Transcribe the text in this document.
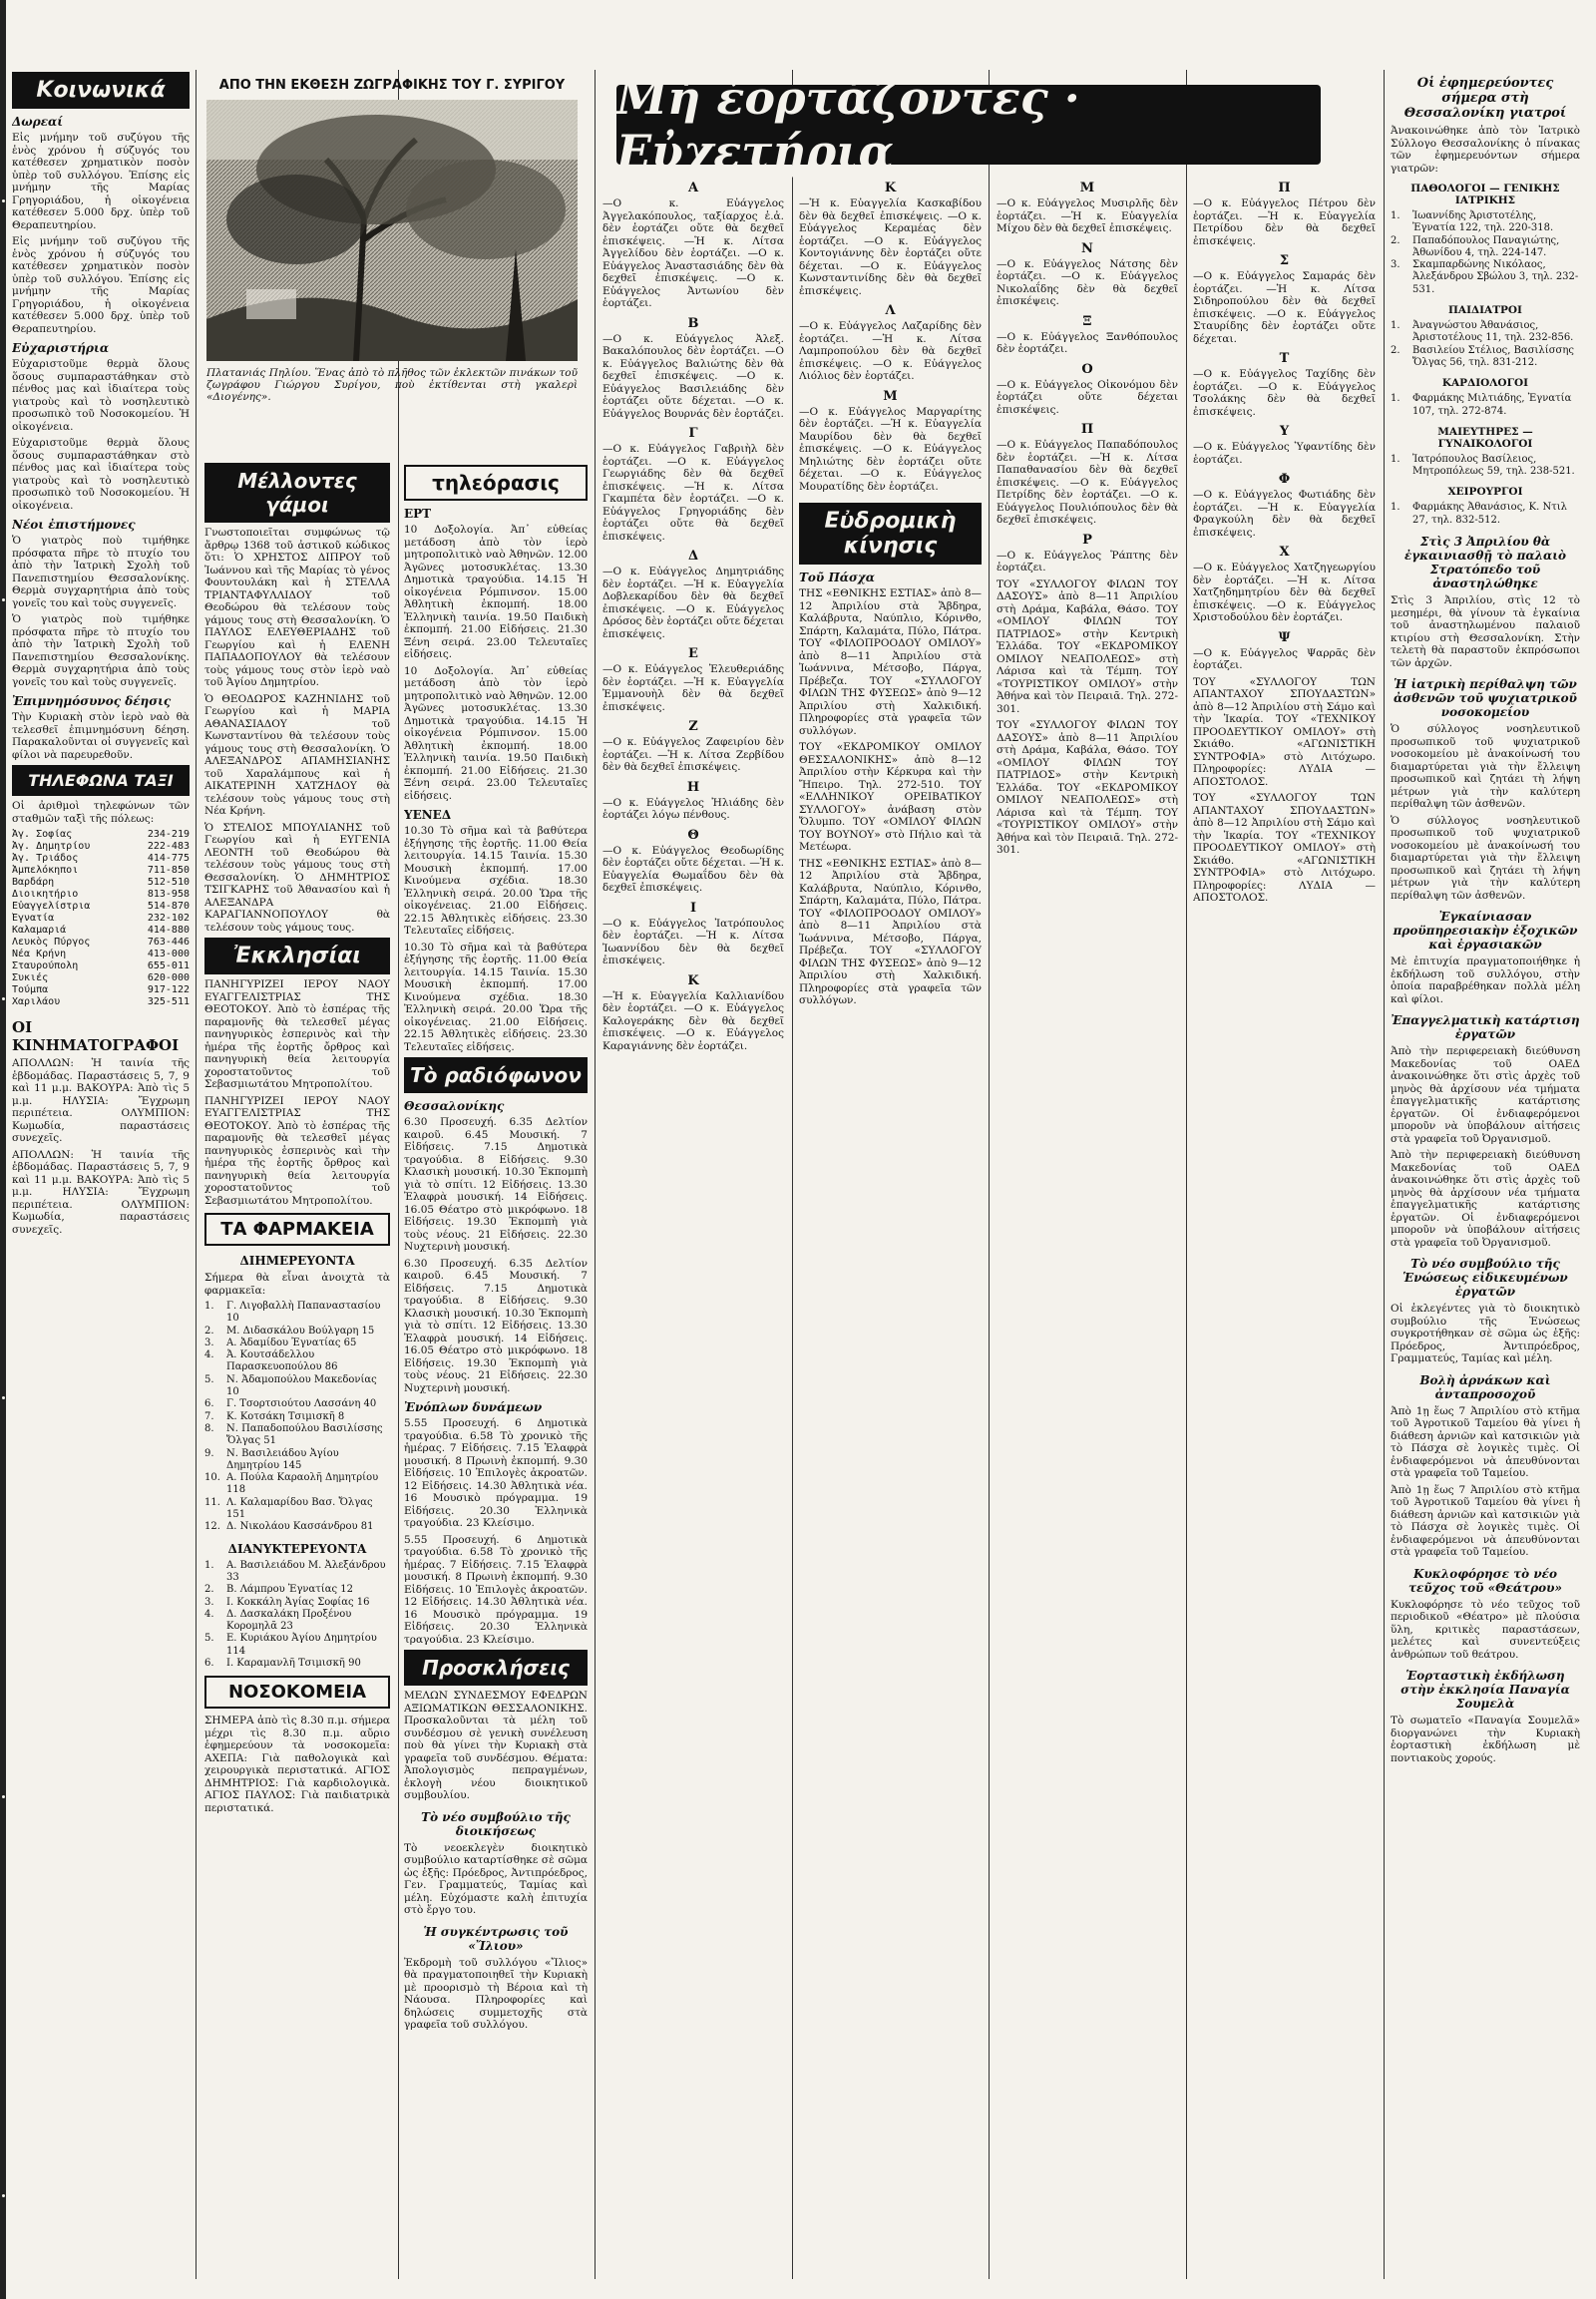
ΑΠΟ ΤΗΝ ΕΚΘΕΣΗ ΖΩΓΡΑΦΙΚΗΣ ΤΟΥ Γ. ΣΥΡΙΓΟΥ
Πλατανιάς Πηλίου. Ἕνας ἀπὸ τὸ πλῆθος τῶν ἐκλεκτῶν πινάκων τοῦ ζωγράφου Γιώργου Συρίγου, ποὺ ἐκτίθενται στὴ γκαλερὶ «Διογένης».
Μὴ ἑορτάζοντες · Εὐχετήρια
Κοινωνικά
Δωρεαί

Εἰς μνήμην τοῦ συζύγου τῆς ἑνὸς χρόνου ἡ σύζυγός του κατέθεσεν χρηματικὸν ποσὸν ὑπὲρ τοῦ συλλόγου. Ἐπίσης εἰς μνήμην τῆς Μαρίας Γρηγοριάδου, ἡ οἰκογένεια κατέθεσεν 5.000 δρχ. ὑπὲρ τοῦ Θεραπευτηρίου.

Εἰς μνήμην τοῦ συζύγου τῆς ἑνὸς χρόνου ἡ σύζυγός του κατέθεσεν χρηματικὸν ποσὸν ὑπὲρ τοῦ συλλόγου. Ἐπίσης εἰς μνήμην τῆς Μαρίας Γρηγοριάδου, ἡ οἰκογένεια κατέθεσεν 5.000 δρχ. ὑπὲρ τοῦ Θεραπευτηρίου.

Εὐχαριστήρια

Εὐχαριστοῦμε θερμὰ ὅλους ὅσους συμπαραστάθηκαν στὸ πένθος μας καὶ ἰδιαίτερα τοὺς γιατροὺς καὶ τὸ νοσηλευτικὸ προσωπικὸ τοῦ Νοσοκομείου. Ἡ οἰκογένεια.

Εὐχαριστοῦμε θερμὰ ὅλους ὅσους συμπαραστάθηκαν στὸ πένθος μας καὶ ἰδιαίτερα τοὺς γιατροὺς καὶ τὸ νοσηλευτικὸ προσωπικὸ τοῦ Νοσοκομείου. Ἡ οἰκογένεια.

Νέοι ἐπιστήμονες

Ὁ γιατρὸς ποὺ τιμήθηκε πρόσφατα πῆρε τὸ πτυχίο του ἀπὸ τὴν Ἰατρικὴ Σχολὴ τοῦ Πανεπιστημίου Θεσσαλονίκης. Θερμὰ συγχαρητήρια ἀπὸ τοὺς γονεῖς του καὶ τοὺς συγγενεῖς.

Ὁ γιατρὸς ποὺ τιμήθηκε πρόσφατα πῆρε τὸ πτυχίο του ἀπὸ τὴν Ἰατρικὴ Σχολὴ τοῦ Πανεπιστημίου Θεσσαλονίκης. Θερμὰ συγχαρητήρια ἀπὸ τοὺς γονεῖς του καὶ τοὺς συγγενεῖς.

Ἐπιμνημόσυνος δέησις

Τὴν Κυριακὴ στὸν ἱερὸ ναὸ θὰ τελεσθεῖ ἐπιμνημόσυνη δέηση. Παρακαλοῦνται οἱ συγγενεῖς καὶ φίλοι νὰ παρευρεθοῦν.

ΤΗΛΕΦΩΝΑ ΤΑΞΙ

Οἱ ἀριθμοὶ τηλεφώνων τῶν σταθμῶν ταξὶ τῆς πόλεως:

Ἀγ. Σοφίας	234-219
Ἀγ. Δημητρίου	222-483
Ἀγ. Τριάδος	414-775
Ἀμπελόκηποι	711-850
Βαρδάρη	512-510
Διοικητήριο	813-958
Εὐαγγελίστρια	514-870
Ἐγνατία	232-102
Καλαμαριά	414-880
Λευκὸς Πύργος	763-446
Νέα Κρήνη	413-000
Σταυρούπολη	655-011
Συκιές	620-000
Τούμπα	917-122
Χαριλάου	325-511
ΟΙ ΚΙΝΗΜΑΤΟΓΡΑΦΟΙ

ΑΠΟΛΛΩΝ: Ἡ ταινία τῆς ἑβδομάδας. Παραστάσεις 5, 7, 9 καὶ 11 μ.μ. ΒΑΚΟΥΡΑ: Ἀπὸ τὶς 5 μ.μ. ΗΛΥΣΙΑ: Ἔγχρωμη περιπέτεια. ΟΛΥΜΠΙΟΝ: Κωμωδία, παραστάσεις συνεχεῖς.

ΑΠΟΛΛΩΝ: Ἡ ταινία τῆς ἑβδομάδας. Παραστάσεις 5, 7, 9 καὶ 11 μ.μ. ΒΑΚΟΥΡΑ: Ἀπὸ τὶς 5 μ.μ. ΗΛΥΣΙΑ: Ἔγχρωμη περιπέτεια. ΟΛΥΜΠΙΟΝ: Κωμωδία, παραστάσεις συνεχεῖς.

Μέλλοντες γάμοι

Γνωστοποιεῖται συμφώνως τῷ ἄρθρῳ 1368 τοῦ ἀστικοῦ κώδικος ὅτι: Ὁ ΧΡΗΣΤΟΣ ΔΙΠΡΟΥ τοῦ Ἰωάννου καὶ τῆς Μαρίας τὸ γένος Φουντουλάκη καὶ ἡ ΣΤΕΛΛΑ ΤΡΙΑΝΤΑΦΥΛΛΙΔΟΥ τοῦ Θεοδώρου θὰ τελέσουν τοὺς γάμους τους στὴ Θεσσαλονίκη. Ὁ ΠΑΥΛΟΣ ΕΛΕΥΘΕΡΙΑΔΗΣ τοῦ Γεωργίου καὶ ἡ ΕΛΕΝΗ ΠΑΠΑΔΟΠΟΥΛΟΥ θὰ τελέσουν τοὺς γάμους τους στὸν ἱερὸ ναὸ τοῦ Ἁγίου Δημητρίου.

Ὁ ΘΕΟΔΩΡΟΣ ΚΑΖΗΝΙΔΗΣ τοῦ Γεωργίου καὶ ἡ ΜΑΡΙΑ ΑΘΑΝΑΣΙΑΔΟΥ τοῦ Κωνσταντίνου θὰ τελέσουν τοὺς γάμους τους στὴ Θεσσαλονίκη. Ὁ ΑΛΕΞΑΝΔΡΟΣ ΑΠΑΜΗΣΙΑΝΗΣ τοῦ Χαραλάμπους καὶ ἡ ΑΙΚΑΤΕΡΙΝΗ ΧΑΤΖΗΔΟΥ θὰ τελέσουν τοὺς γάμους τους στὴ Νέα Κρήνη.

Ὁ ΣΤΕΛΙΟΣ ΜΠΟΥΛΙΑΝΗΣ τοῦ Γεωργίου καὶ ἡ ΕΥΓΕΝΙΑ ΛΕΟΝΤΗ τοῦ Θεοδώρου θὰ τελέσουν τοὺς γάμους τους στὴ Θεσσαλονίκη. Ὁ ΔΗΜΗΤΡΙΟΣ ΤΣΙΓΚΑΡΗΣ τοῦ Ἀθανασίου καὶ ἡ ΑΛΕΞΑΝΔΡΑ ΚΑΡΑΓΙΑΝΝΟΠΟΥΛΟΥ θὰ τελέσουν τοὺς γάμους τους.

Ἐκκλησίαι

ΠΑΝΗΓΥΡΙΖΕΙ ΙΕΡΟΥ ΝΑΟΥ ΕΥΑΓΓΕΛΙΣΤΡΙΑΣ ΤΗΣ ΘΕΟΤΟΚΟΥ. Ἀπὸ τὸ ἑσπέρας τῆς παραμονῆς θὰ τελεσθεῖ μέγας πανηγυρικὸς ἑσπερινὸς καὶ τὴν ἡμέρα τῆς ἑορτῆς ὄρθρος καὶ πανηγυρικὴ θεία λειτουργία χοροστατοῦντος τοῦ Σεβασμιωτάτου Μητροπολίτου.

ΠΑΝΗΓΥΡΙΖΕΙ ΙΕΡΟΥ ΝΑΟΥ ΕΥΑΓΓΕΛΙΣΤΡΙΑΣ ΤΗΣ ΘΕΟΤΟΚΟΥ. Ἀπὸ τὸ ἑσπέρας τῆς παραμονῆς θὰ τελεσθεῖ μέγας πανηγυρικὸς ἑσπερινὸς καὶ τὴν ἡμέρα τῆς ἑορτῆς ὄρθρος καὶ πανηγυρικὴ θεία λειτουργία χοροστατοῦντος τοῦ Σεβασμιωτάτου Μητροπολίτου.

ΤΑ ΦΑΡΜΑΚΕΙΑ
ΔΙΗΜΕΡΕΥΟΝΤΑ

Σήμερα θὰ εἶναι ἀνοιχτὰ τὰ φαρμακεῖα:

1.	Γ. Λιγοβαλλὴ Παπαναστασίου 10
2.	Μ. Διδασκάλου Βούλγαρη 15
3.	Α. Ἀδαμίδου Ἐγνατίας 65
4.	Ἀ. Κουτσάδελλου Παρασκευοπούλου 86
5.	Ν. Ἀδαμοπούλου Μακεδονίας 10
6.	Γ. Τσορτσιούτου Λασσάνη 40
7.	Κ. Κοτσάκη Τσιμισκῆ 8
8.	Ν. Παπαδοπούλου Βασιλίσσης Ὄλγας 51
9.	Ν. Βασιλειάδου Ἀγίου Δημητρίου 145
10. Α. Πούλα Καραολῆ Δημητρίου 118
11. Λ. Καλαμαρίδου Βασ. Ὄλγας 151
12. Δ. Νικολάου Κασσάνδρου 81
ΔΙΑΝΥΚΤΕΡΕΥΟΝΤΑ
1.	Α. Βασιλειάδου Μ. Ἀλεξάνδρου 33
2.	Β. Λάμπρου Ἐγνατίας 12
3.	Ι. Κοκκάλη Ἀγίας Σοφίας 16
4.	Δ. Δασκαλάκη Προξένου Κορομηλᾶ 23
5.	Ε. Κυριάκου Ἀγίου Δημητρίου 114
6.	Ι. Καραμανλῆ Τσιμισκῆ 90
ΝΟΣΟΚΟΜΕΙΑ

ΣΗΜΕΡΑ ἀπὸ τὶς 8.30 π.μ. σήμερα μέχρι τὶς 8.30 π.μ. αὔριο ἐφημερεύουν τὰ νοσοκομεῖα: ΑΧΕΠΑ: Γιὰ παθολογικὰ καὶ χειρουργικὰ περιστατικά. ΑΓΙΟΣ ΔΗΜΗΤΡΙΟΣ: Γιὰ καρδιολογικὰ. ΑΓΙΟΣ ΠΑΥΛΟΣ: Γιὰ παιδιατρικὰ περιστατικά.

τηλεόρασις
ΕΡΤ

10 Δοξολογία. Ἀπ᾽ εὐθείας μετάδοση ἀπὸ τὸν ἱερὸ μητροπολιτικὸ ναὸ Ἀθηνῶν. 12.00 Ἀγῶνες μοτοσυκλέτας. 13.30 Δημοτικὰ τραγούδια. 14.15 Ἡ οἰκογένεια Ρόμπινσον. 15.00 Ἀθλητικὴ ἐκπομπή. 18.00 Ἐλληνικὴ ταινία. 19.50 Παιδικὴ ἐκπομπή. 21.00 Εἰδήσεις. 21.30 Ξένη σειρά. 23.00 Τελευταῖες εἰδήσεις.

10 Δοξολογία. Ἀπ᾽ εὐθείας μετάδοση ἀπὸ τὸν ἱερὸ μητροπολιτικὸ ναὸ Ἀθηνῶν. 12.00 Ἀγῶνες μοτοσυκλέτας. 13.30 Δημοτικὰ τραγούδια. 14.15 Ἡ οἰκογένεια Ρόμπινσον. 15.00 Ἀθλητικὴ ἐκπομπή. 18.00 Ἐλληνικὴ ταινία. 19.50 Παιδικὴ ἐκπομπή. 21.00 Εἰδήσεις. 21.30 Ξένη σειρά. 23.00 Τελευταῖες εἰδήσεις.

ΥΕΝΕΔ

10.30 Τὸ σῆμα καὶ τὰ βαθύτερα ἐξήγησης τῆς ἑορτῆς. 11.00 Θεία λειτουργία. 14.15 Ταινία. 15.30 Μουσικὴ ἐκπομπή. 17.00 Κινούμενα σχέδια. 18.30 Ἐλληνικὴ σειρά. 20.00 Ὥρα τῆς οἰκογένειας. 21.00 Εἰδήσεις. 22.15 Ἀθλητικὲς εἰδήσεις. 23.30 Τελευταῖες εἰδήσεις.

10.30 Τὸ σῆμα καὶ τὰ βαθύτερα ἐξήγησης τῆς ἑορτῆς. 11.00 Θεία λειτουργία. 14.15 Ταινία. 15.30 Μουσικὴ ἐκπομπή. 17.00 Κινούμενα σχέδια. 18.30 Ἐλληνικὴ σειρά. 20.00 Ὥρα τῆς οἰκογένειας. 21.00 Εἰδήσεις. 22.15 Ἀθλητικὲς εἰδήσεις. 23.30 Τελευταῖες εἰδήσεις.

Τὸ ραδιόφωνον
Θεσσαλονίκης

6.30 Προσευχή. 6.35 Δελτίον καιροῦ. 6.45 Μουσική. 7 Εἰδήσεις. 7.15 Δημοτικὰ τραγούδια. 8 Εἰδήσεις. 9.30 Κλασικὴ μουσική. 10.30 Ἐκπομπὴ γιὰ τὸ σπίτι. 12 Εἰδήσεις. 13.30 Ἐλαφρὰ μουσική. 14 Εἰδήσεις. 16.05 Θέατρο στὸ μικρόφωνο. 18 Εἰδήσεις. 19.30 Ἐκπομπὴ γιὰ τοὺς νέους. 21 Εἰδήσεις. 22.30 Νυχτερινὴ μουσική.

6.30 Προσευχή. 6.35 Δελτίον καιροῦ. 6.45 Μουσική. 7 Εἰδήσεις. 7.15 Δημοτικὰ τραγούδια. 8 Εἰδήσεις. 9.30 Κλασικὴ μουσική. 10.30 Ἐκπομπὴ γιὰ τὸ σπίτι. 12 Εἰδήσεις. 13.30 Ἐλαφρὰ μουσική. 14 Εἰδήσεις. 16.05 Θέατρο στὸ μικρόφωνο. 18 Εἰδήσεις. 19.30 Ἐκπομπὴ γιὰ τοὺς νέους. 21 Εἰδήσεις. 22.30 Νυχτερινὴ μουσική.

Ἐνόπλων δυνάμεων

5.55 Προσευχή. 6 Δημοτικὰ τραγούδια. 6.58 Τὸ χρονικὸ τῆς ἡμέρας. 7 Εἰδήσεις. 7.15 Ἐλαφρὰ μουσική. 8 Πρωινὴ ἐκπομπή. 9.30 Εἰδήσεις. 10 Ἐπιλογὲς ἀκροατῶν. 12 Εἰδήσεις. 14.30 Ἀθλητικὰ νέα. 16 Μουσικὸ πρόγραμμα. 19 Εἰδήσεις. 20.30 Ἑλληνικὰ τραγούδια. 23 Κλείσιμο.

5.55 Προσευχή. 6 Δημοτικὰ τραγούδια. 6.58 Τὸ χρονικὸ τῆς ἡμέρας. 7 Εἰδήσεις. 7.15 Ἐλαφρὰ μουσική. 8 Πρωινὴ ἐκπομπή. 9.30 Εἰδήσεις. 10 Ἐπιλογὲς ἀκροατῶν. 12 Εἰδήσεις. 14.30 Ἀθλητικὰ νέα. 16 Μουσικὸ πρόγραμμα. 19 Εἰδήσεις. 20.30 Ἑλληνικὰ τραγούδια. 23 Κλείσιμο.

Προσκλήσεις

ΜΕΛΩΝ ΣΥΝΔΕΣΜΟΥ ΕΦΕΔΡΩΝ ΑΞΙΩΜΑΤΙΚΩΝ ΘΕΣΣΑΛΟΝΙΚΗΣ. Προσκαλοῦνται τὰ μέλη τοῦ συνδέσμου σὲ γενικὴ συνέλευση ποὺ θὰ γίνει τὴν Κυριακὴ στὰ γραφεῖα τοῦ συνδέσμου. Θέματα: Ἀπολογισμὸς πεπραγμένων, ἐκλογὴ νέου διοικητικοῦ συμβουλίου.

Τὸ νέο συμβούλιο τῆς διοικήσεως

Τὸ νεοεκλεγὲν διοικητικὸ συμβούλιο καταρτίσθηκε σὲ σῶμα ὡς ἑξῆς: Πρόεδρος, Ἀντιπρόεδρος, Γεν. Γραμματεύς, Ταμίας καὶ μέλη. Εὐχόμαστε καλὴ ἐπιτυχία στὸ ἔργο του.

Ἡ συγκέντρωσις τοῦ «Ἴλιου»

Ἐκδρομὴ τοῦ συλλόγου «Ἴλιος» θὰ πραγματοποιηθεῖ τὴν Κυριακὴ μὲ προορισμὸ τὴ Βέροια καὶ τὴ Νάουσα. Πληροφορίες καὶ δηλώσεις συμμετοχῆς στὰ γραφεῖα τοῦ συλλόγου.

Α

—Ο κ. Εὐάγγελος Ἀγγελακόπουλος, ταξίαρχος ἐ.ἀ. δὲν ἑορτάζει οὔτε θὰ δεχθεῖ ἐπισκέψεις. —Ἡ κ. Λίτσα Ἀγγελίδου δὲν ἑορτάζει. —Ο κ. Εὐάγγελος Ἀναστασιάδης δὲν θὰ δεχθεῖ ἐπισκέψεις. —Ο κ. Εὐάγγελος Ἀντωνίου δὲν ἑορτάζει.

Β

—Ο κ. Εὐάγγελος Ἀλεξ. Βακαλόπουλος δὲν ἑορτάζει. —Ο κ. Εὐάγγελος Βαλιώτης δὲν θὰ δεχθεῖ ἐπισκέψεις. —Ο κ. Εὐάγγελος Βασιλειάδης δὲν ἑορτάζει οὔτε δέχεται. —Ο κ. Εὐάγγελος Βουρνάς δὲν ἑορτάζει.

Γ

—Ο κ. Εὐάγγελος Γαβριὴλ δὲν ἑορτάζει. —Ο κ. Εὐάγγελος Γεωργιάδης δὲν θὰ δεχθεῖ ἐπισκέψεις. —Ἡ κ. Λίτσα Γκαμπέτα δὲν ἑορτάζει. —Ο κ. Εὐάγγελος Γρηγοριάδης δὲν ἑορτάζει οὔτε θὰ δεχθεῖ ἐπισκέψεις.

Δ

—Ο κ. Εὐάγγελος Δημητριάδης δὲν ἑορτάζει. —Ἡ κ. Εὐαγγελία Δοβλεκαρίδου δὲν θὰ δεχθεῖ ἐπισκέψεις. —Ο κ. Εὐάγγελος Δρόσος δὲν ἑορτάζει οὔτε δέχεται ἐπισκέψεις.

Ε

—Ο κ. Εὐάγγελος Ἐλευθεριάδης δὲν ἑορτάζει. —Ἡ κ. Εὐαγγελία Ἐμμανουὴλ δὲν θὰ δεχθεῖ ἐπισκέψεις.

Ζ

—Ο κ. Εὐάγγελος Ζαφειρίου δὲν ἑορτάζει. —Ἡ κ. Λίτσα Ζερβίδου δὲν θὰ δεχθεῖ ἐπισκέψεις.

Η

—Ο κ. Εὐάγγελος Ἠλιάδης δὲν ἑορτάζει λόγω πένθους.

Θ

—Ο κ. Εὐάγγελος Θεοδωρίδης δὲν ἑορτάζει οὔτε δέχεται. —Ἡ κ. Εὐαγγελία Θωμαΐδου δὲν θὰ δεχθεῖ ἐπισκέψεις.

Ι

—Ο κ. Εὐάγγελος Ἰατρόπουλος δὲν ἑορτάζει. —Ἡ κ. Λίτσα Ἰωαννίδου δὲν θὰ δεχθεῖ ἐπισκέψεις.

Κ

—Ἡ κ. Εὐαγγελία Καλλιανίδου δὲν ἑορτάζει. —Ο κ. Εὐάγγελος Καλογεράκης δὲν θὰ δεχθεῖ ἐπισκέψεις. —Ο κ. Εὐάγγελος Καραγιάννης δὲν ἑορτάζει.

Κ

—Ἡ κ. Εὐαγγελία Κασκαβίδου δὲν θὰ δεχθεῖ ἐπισκέψεις. —Ο κ. Εὐάγγελος Κεραμέας δὲν ἑορτάζει. —Ο κ. Εὐάγγελος Κοντογιάννης δὲν ἑορτάζει οὔτε δέχεται. —Ο κ. Εὐάγγελος Κωνσταντινίδης δὲν θὰ δεχθεῖ ἐπισκέψεις.

Λ

—Ο κ. Εὐάγγελος Λαζαρίδης δὲν ἑορτάζει. —Ἡ κ. Λίτσα Λαμπροπούλου δὲν θὰ δεχθεῖ ἐπισκέψεις. —Ο κ. Εὐάγγελος Λιόλιος δὲν ἑορτάζει.

Μ

—Ο κ. Εὐάγγελος Μαργαρίτης δὲν ἑορτάζει. —Ἡ κ. Εὐαγγελία Μαυρίδου δὲν θὰ δεχθεῖ ἐπισκέψεις. —Ο κ. Εὐάγγελος Μηλιώτης δὲν ἑορτάζει οὔτε δέχεται. —Ο κ. Εὐάγγελος Μουρατίδης δὲν ἑορτάζει.

Εὐδρομικὴ κίνησις
Τοῦ Πάσχα

ΤΗΣ «ΕΘΝΙΚΗΣ ΕΣΤΙΑΣ» ἀπὸ 8—12 Ἀπριλίου στὰ Ἄβδηρα, Καλάβρυτα, Ναύπλιο, Κόρινθο, Σπάρτη, Καλαμάτα, Πύλο, Πάτρα. ΤΟΥ «ΦΙΛΟΠΡΟΟΔΟΥ ΟΜΙΛΟΥ» ἀπὸ 8—11 Ἀπριλίου στὰ Ἰωάννινα, Μέτσοβο, Πάργα, Πρέβεζα. ΤΟΥ «ΣΥΛΛΟΓΟΥ ΦΙΛΩΝ ΤΗΣ ΦΥΣΕΩΣ» ἀπὸ 9—12 Ἀπριλίου στὴ Χαλκιδική. Πληροφορίες στὰ γραφεῖα τῶν συλλόγων.

ΤΟΥ «ΕΚΔΡΟΜΙΚΟΥ ΟΜΙΛΟΥ ΘΕΣΣΑΛΟΝΙΚΗΣ» ἀπὸ 8—12 Ἀπριλίου στὴν Κέρκυρα καὶ τὴν Ἤπειρο. Τηλ. 272-510. ΤΟΥ «ΕΛΛΗΝΙΚΟΥ ΟΡΕΙΒΑΤΙΚΟΥ ΣΥΛΛΟΓΟΥ» ἀνάβαση στὸν Ὄλυμπο. ΤΟΥ «ΟΜΙΛΟΥ ΦΙΛΩΝ ΤΟΥ ΒΟΥΝΟΥ» στὸ Πήλιο καὶ τὰ Μετέωρα.

ΤΗΣ «ΕΘΝΙΚΗΣ ΕΣΤΙΑΣ» ἀπὸ 8—12 Ἀπριλίου στὰ Ἄβδηρα, Καλάβρυτα, Ναύπλιο, Κόρινθο, Σπάρτη, Καλαμάτα, Πύλο, Πάτρα. ΤΟΥ «ΦΙΛΟΠΡΟΟΔΟΥ ΟΜΙΛΟΥ» ἀπὸ 8—11 Ἀπριλίου στὰ Ἰωάννινα, Μέτσοβο, Πάργα, Πρέβεζα. ΤΟΥ «ΣΥΛΛΟΓΟΥ ΦΙΛΩΝ ΤΗΣ ΦΥΣΕΩΣ» ἀπὸ 9—12 Ἀπριλίου στὴ Χαλκιδική. Πληροφορίες στὰ γραφεῖα τῶν συλλόγων.

Μ

—Ο κ. Εὐάγγελος Μυσιρλῆς δὲν ἑορτάζει. —Ἡ κ. Εὐαγγελία Μίχου δὲν θὰ δεχθεῖ ἐπισκέψεις.

Ν

—Ο κ. Εὐάγγελος Νάτσης δὲν ἑορτάζει. —Ο κ. Εὐάγγελος Νικολαΐδης δὲν θὰ δεχθεῖ ἐπισκέψεις.

Ξ

—Ο κ. Εὐάγγελος Ξανθόπουλος δὲν ἑορτάζει.

Ο

—Ο κ. Εὐάγγελος Οἰκονόμου δὲν ἑορτάζει οὔτε δέχεται ἐπισκέψεις.

Π

—Ο κ. Εὐάγγελος Παπαδόπουλος δὲν ἑορτάζει. —Ἡ κ. Λίτσα Παπαθανασίου δὲν θὰ δεχθεῖ ἐπισκέψεις. —Ο κ. Εὐάγγελος Πετρίδης δὲν ἑορτάζει. —Ο κ. Εὐάγγελος Πουλιόπουλος δὲν θὰ δεχθεῖ ἐπισκέψεις.

Ρ

—Ο κ. Εὐάγγελος Ῥάπτης δὲν ἑορτάζει.

ΤΟΥ «ΣΥΛΛΟΓΟΥ ΦΙΛΩΝ ΤΟΥ ΔΑΣΟΥΣ» ἀπὸ 8—11 Ἀπριλίου στὴ Δράμα, Καβάλα, Θάσο. ΤΟΥ «ΟΜΙΛΟΥ ΦΙΛΩΝ ΤΟΥ ΠΑΤΡΙΔΟΣ» στὴν Κεντρικὴ Ἑλλάδα. ΤΟΥ «ΕΚΔΡΟΜΙΚΟΥ ΟΜΙΛΟΥ ΝΕΑΠΟΛΕΩΣ» στὴ Λάρισα καὶ τὰ Τέμπη. ΤΟΥ «ΤΟΥΡΙΣΤΙΚΟΥ ΟΜΙΛΟΥ» στὴν Ἀθήνα καὶ τὸν Πειραιᾶ. Τηλ. 272-301.

ΤΟΥ «ΣΥΛΛΟΓΟΥ ΦΙΛΩΝ ΤΟΥ ΔΑΣΟΥΣ» ἀπὸ 8—11 Ἀπριλίου στὴ Δράμα, Καβάλα, Θάσο. ΤΟΥ «ΟΜΙΛΟΥ ΦΙΛΩΝ ΤΟΥ ΠΑΤΡΙΔΟΣ» στὴν Κεντρικὴ Ἑλλάδα. ΤΟΥ «ΕΚΔΡΟΜΙΚΟΥ ΟΜΙΛΟΥ ΝΕΑΠΟΛΕΩΣ» στὴ Λάρισα καὶ τὰ Τέμπη. ΤΟΥ «ΤΟΥΡΙΣΤΙΚΟΥ ΟΜΙΛΟΥ» στὴν Ἀθήνα καὶ τὸν Πειραιᾶ. Τηλ. 272-301.

Π

—Ο κ. Εὐάγγελος Πέτρου δὲν ἑορτάζει. —Ἡ κ. Εὐαγγελία Πετρίδου δὲν θὰ δεχθεῖ ἐπισκέψεις.

Σ

—Ο κ. Εὐάγγελος Σαμαράς δὲν ἑορτάζει. —Ἡ κ. Λίτσα Σιδηροπούλου δὲν θὰ δεχθεῖ ἐπισκέψεις. —Ο κ. Εὐάγγελος Σταυρίδης δὲν ἑορτάζει οὔτε δέχεται.

Τ

—Ο κ. Εὐάγγελος Ταχίδης δὲν ἑορτάζει. —Ο κ. Εὐάγγελος Τσολάκης δὲν θὰ δεχθεῖ ἐπισκέψεις.

Υ

—Ο κ. Εὐάγγελος Ὑφαντίδης δὲν ἑορτάζει.

Φ

—Ο κ. Εὐάγγελος Φωτιάδης δὲν ἑορτάζει. —Ἡ κ. Εὐαγγελία Φραγκούλη δὲν θὰ δεχθεῖ ἐπισκέψεις.

Χ

—Ο κ. Εὐάγγελος Χατζηγεωργίου δὲν ἑορτάζει. —Ἡ κ. Λίτσα Χατζηδημητρίου δὲν θὰ δεχθεῖ ἐπισκέψεις. —Ο κ. Εὐάγγελος Χριστοδούλου δὲν ἑορτάζει.

Ψ

—Ο κ. Εὐάγγελος Ψαρρᾶς δὲν ἑορτάζει.

ΤΟΥ «ΣΥΛΛΟΓΟΥ ΤΩΝ ΑΠΑΝΤΑΧΟΥ ΣΠΟΥΔΑΣΤΩΝ» ἀπὸ 8—12 Ἀπριλίου στὴ Σάμο καὶ τὴν Ἰκαρία. ΤΟΥ «ΤΕΧΝΙΚΟΥ ΠΡΟΟΔΕΥΤΙΚΟΥ ΟΜΙΛΟΥ» στὴ Σκιάθο. «ΑΓΩΝΙΣΤΙΚΗ ΣΥΝΤΡΟΦΙΑ» στὸ Λιτόχωρο. Πληροφορίες: ΛΥΔΙΑ — ΑΠΟΣΤΟΛΟΣ.

ΤΟΥ «ΣΥΛΛΟΓΟΥ ΤΩΝ ΑΠΑΝΤΑΧΟΥ ΣΠΟΥΔΑΣΤΩΝ» ἀπὸ 8—12 Ἀπριλίου στὴ Σάμο καὶ τὴν Ἰκαρία. ΤΟΥ «ΤΕΧΝΙΚΟΥ ΠΡΟΟΔΕΥΤΙΚΟΥ ΟΜΙΛΟΥ» στὴ Σκιάθο. «ΑΓΩΝΙΣΤΙΚΗ ΣΥΝΤΡΟΦΙΑ» στὸ Λιτόχωρο. Πληροφορίες: ΛΥΔΙΑ — ΑΠΟΣΤΟΛΟΣ.

Οἱ ἐφημερεύοντες σήμερα στὴ Θεσσαλονίκη γιατροί

Ἀνακοινώθηκε ἀπὸ τὸν Ἰατρικὸ Σύλλογο Θεσσαλονίκης ὁ πίνακας τῶν ἐφημερευόντων σήμερα γιατρῶν:

ΠΑΘΟΛΟΓΟΙ — ΓΕΝΙΚΗΣ ΙΑΤΡΙΚΗΣ
1.	Ἰωαννίδης Ἀριστοτέλης, Ἐγνατία 122, τηλ. 220-318.
2.	Παπαδόπουλος Παναγιώτης, Ἀθωνίδου 4, τηλ. 224-147.
3.	Σκαμπαρδώνης Νικόλαος, Ἀλεξάνδρου Σβώλου 3, τηλ. 232-531.
ΠΑΙΔΙΑΤΡΟΙ
1.	Ἀναγνώστου Ἀθανάσιος, Ἀριστοτέλους 11, τηλ. 232-856.
2.	Βασιλείου Στέλιος, Βασιλίσσης Ὄλγας 56, τηλ. 831-212.
ΚΑΡΔΙΟΛΟΓΟΙ
1.	Φαρμάκης Μιλτιάδης, Ἐγνατία 107, τηλ. 272-874.
ΜΑΙΕΥΤΗΡΕΣ — ΓΥΝΑΙΚΟΛΟΓΟΙ
1.	Ἰατρόπουλος Βασίλειος, Μητροπόλεως 59, τηλ. 238-521.
ΧΕΙΡΟΥΡΓΟΙ
1.	Φαρμάκης Ἀθανάσιος, Κ. Ντιλ 27, τηλ. 832-512.
Στὶς 3 Ἀπριλίου θὰ ἐγκαινιασθῇ τὸ παλαιὸ Στρατόπεδο τοῦ ἀναστηλώθηκε

Στὶς 3 Ἀπριλίου, στὶς 12 τὸ μεσημέρι, θὰ γίνουν τὰ ἐγκαίνια τοῦ ἀναστηλωμένου παλαιοῦ κτιρίου στὴ Θεσσαλονίκη. Στὴν τελετὴ θὰ παραστοῦν ἐκπρόσωποι τῶν ἀρχῶν.

Ἡ ἰατρικὴ περίθαλψη τῶν ἀσθενῶν τοῦ ψυχιατρικοῦ νοσοκομείου

Ὁ σύλλογος νοσηλευτικοῦ προσωπικοῦ τοῦ ψυχιατρικοῦ νοσοκομείου μὲ ἀνακοίνωσή του διαμαρτύρεται γιὰ τὴν ἔλλειψη προσωπικοῦ καὶ ζητάει τὴ λήψη μέτρων γιὰ τὴν καλύτερη περίθαλψη τῶν ἀσθενῶν.

Ὁ σύλλογος νοσηλευτικοῦ προσωπικοῦ τοῦ ψυχιατρικοῦ νοσοκομείου μὲ ἀνακοίνωσή του διαμαρτύρεται γιὰ τὴν ἔλλειψη προσωπικοῦ καὶ ζητάει τὴ λήψη μέτρων γιὰ τὴν καλύτερη περίθαλψη τῶν ἀσθενῶν.

Ἐγκαίνιασαν προϋπηρεσιακὴν ἐξοχικῶν καὶ ἐργασιακῶν

Μὲ ἐπιτυχία πραγματοποιήθηκε ἡ ἐκδήλωση τοῦ συλλόγου, στὴν ὁποία παραβρέθηκαν πολλὰ μέλη καὶ φίλοι.

Ἐπαγγελματικὴ κατάρτιση ἐργατῶν

Ἀπὸ τὴν περιφερειακὴ διεύθυνση Μακεδονίας τοῦ ΟΑΕΔ ἀνακοινώθηκε ὅτι στὶς ἀρχὲς τοῦ μηνὸς θὰ ἀρχίσουν νέα τμήματα ἐπαγγελματικῆς κατάρτισης ἐργατῶν. Οἱ ἐνδιαφερόμενοι μποροῦν νὰ ὑποβάλουν αἰτήσεις στὰ γραφεῖα τοῦ Ὀργανισμοῦ.

Ἀπὸ τὴν περιφερειακὴ διεύθυνση Μακεδονίας τοῦ ΟΑΕΔ ἀνακοινώθηκε ὅτι στὶς ἀρχὲς τοῦ μηνὸς θὰ ἀρχίσουν νέα τμήματα ἐπαγγελματικῆς κατάρτισης ἐργατῶν. Οἱ ἐνδιαφερόμενοι μποροῦν νὰ ὑποβάλουν αἰτήσεις στὰ γραφεῖα τοῦ Ὀργανισμοῦ.

Τὸ νέο συμβούλιο τῆς Ἑνώσεως εἰδικευμένων ἐργατῶν

Οἱ ἐκλεγέντες γιὰ τὸ διοικητικὸ συμβούλιο τῆς Ἑνώσεως συγκροτήθηκαν σὲ σῶμα ὡς ἑξῆς: Πρόεδρος, Ἀντιπρόεδρος, Γραμματεύς, Ταμίας καὶ μέλη.

Βολὴ ἀρνάκων καὶ ἀνταπροσοχοῦ

Ἀπὸ 1ῃ ἕως 7 Ἀπριλίου στὸ κτῆμα τοῦ Ἀγροτικοῦ Ταμείου θὰ γίνει ἡ διάθεση ἀρνιῶν καὶ κατσικιῶν γιὰ τὸ Πάσχα σὲ λογικὲς τιμὲς. Οἱ ἐνδιαφερόμενοι νὰ ἀπευθύνονται στὰ γραφεῖα τοῦ Ταμείου.

Ἀπὸ 1ῃ ἕως 7 Ἀπριλίου στὸ κτῆμα τοῦ Ἀγροτικοῦ Ταμείου θὰ γίνει ἡ διάθεση ἀρνιῶν καὶ κατσικιῶν γιὰ τὸ Πάσχα σὲ λογικὲς τιμὲς. Οἱ ἐνδιαφερόμενοι νὰ ἀπευθύνονται στὰ γραφεῖα τοῦ Ταμείου.

Κυκλοφόρησε τὸ νέο τεῦχος τοῦ «Θεάτρου»

Κυκλοφόρησε τὸ νέο τεῦχος τοῦ περιοδικοῦ «Θέατρο» μὲ πλούσια ὕλη, κριτικὲς παραστάσεων, μελέτες καὶ συνεντεύξεις ἀνθρώπων τοῦ θεάτρου.

Ἑορταστικὴ ἐκδήλωση στὴν ἐκκλησία Παναγία Σουμελὰ

Τὸ σωματεῖο «Παναγία Σουμελᾶ» διοργανώνει τὴν Κυριακὴ ἑορταστικὴ ἐκδήλωση μὲ ποντιακοὺς χορούς.
